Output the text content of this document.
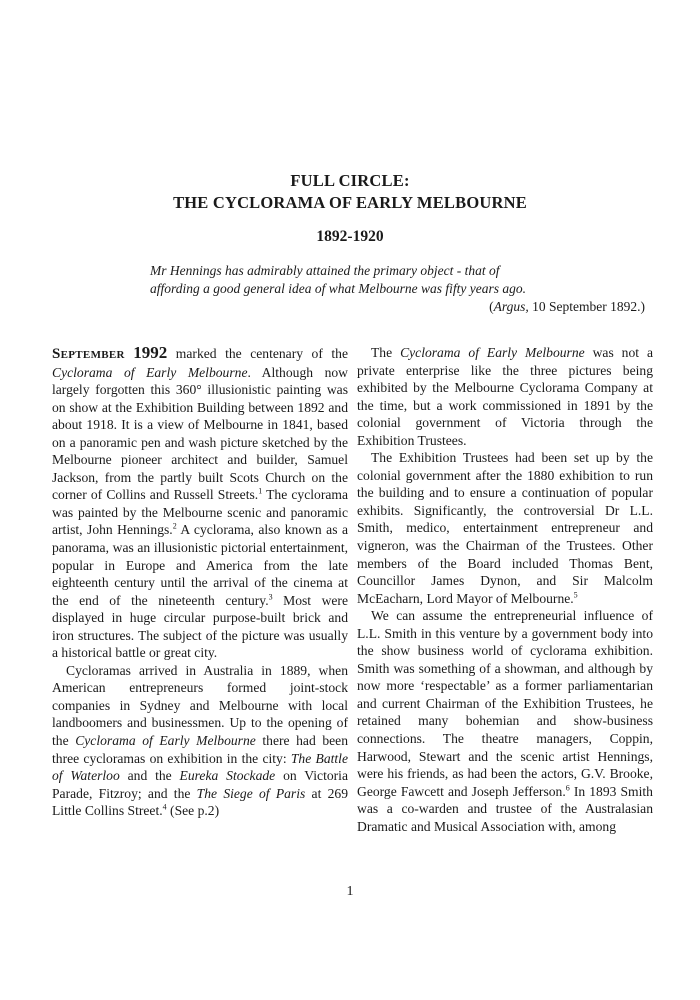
FULL CIRCLE:
THE CYCLORAMA OF EARLY MELBOURNE
1892-1920
Mr Hennings has admirably attained the primary object - that of
affording a good general idea of what Melbourne was fifty years ago.
(Argus, 10 September 1892.)

September 1992 marked the centenary of the Cyclorama of Early Melbourne. Although now largely forgotten this 360° illusionistic painting was on show at the Exhibition Building between 1892 and about 1918. It is a view of Melbourne in 1841, based on a panoramic pen and wash picture sketched by the Melbourne pioneer architect and builder, Samuel Jackson, from the partly built Scots Church on the corner of Collins and Russell Streets.$^1$ The cyclorama was painted by the Melbourne scenic and panoramic artist, John Hennings.$^2$ A cyclorama, also known as a panorama, was an illusionistic pictorial entertainment, popular in Europe and America from the late eighteenth century until the arrival of the cinema at the end of the nineteenth century.$^3$ Most were displayed in huge circular purpose-built brick and iron structures. The subject of the picture was usually a historical battle or great city.

Cycloramas arrived in Australia in 1889, when American entrepreneurs formed joint-stock companies in Sydney and Melbourne with local landboomers and businessmen. Up to the opening of the Cyclorama of Early Melbourne there had been three cycloramas on exhibition in the city: The Battle of Waterloo and the Eureka Stockade on Victoria Parade, Fitzroy; and the The Siege of Paris at 269 Little Collins Street.$^4$ (See p.2)

The Cyclorama of Early Melbourne was not a private enterprise like the three pictures being exhibited by the Melbourne Cyclorama Company at the time, but a work commissioned in 1891 by the colonial government of Victoria through the Exhibition Trustees.

The Exhibition Trustees had been set up by the colonial government after the 1880 exhibition to run the building and to ensure a continuation of popular exhibits. Significantly, the controversial Dr L.L. Smith, medico, entertainment entrepreneur and vigneron, was the Chairman of the Trustees. Other members of the Board included Thomas Bent, Councillor James Dynon, and Sir Malcolm McEacharn, Lord Mayor of Melbourne.$^5$

We can assume the entrepreneurial influence of L.L. Smith in this venture by a government body into the show business world of cyclorama exhibition. Smith was something of a showman, and although by now more ‘respectable’ as a former parliamentarian and current Chairman of the Exhibition Trustees, he retained many bohemian and show-business connections. The theatre managers, Coppin, Harwood, Stewart and the scenic artist Hennings, were his friends, as had been the actors, G.V. Brooke, George Fawcett and Joseph Jefferson.$^6$ In 1893 Smith was a co-warden and trustee of the Australasian Dramatic and Musical Association with, among

1
